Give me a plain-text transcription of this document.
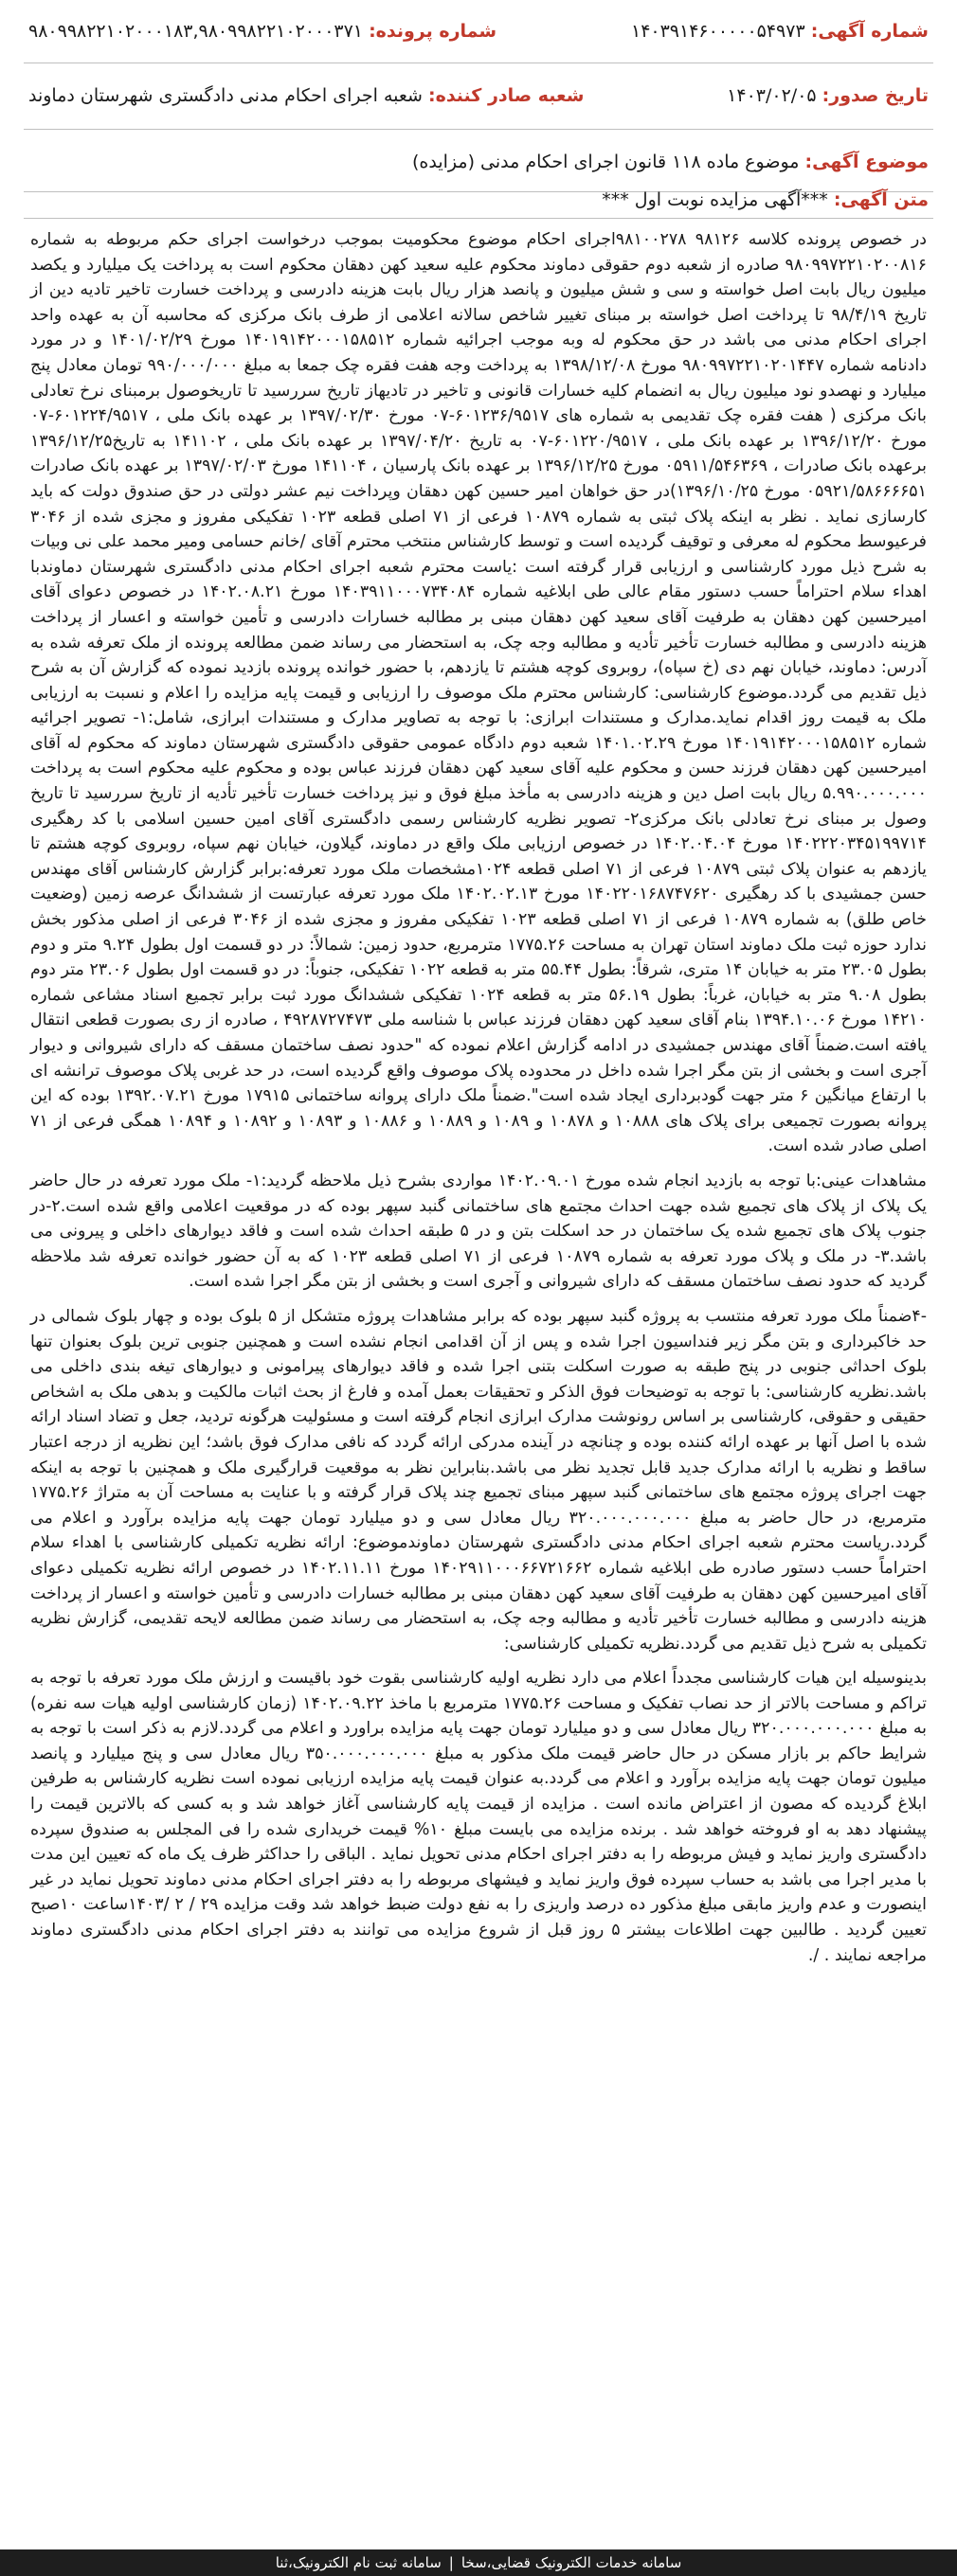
شماره آگهی: ۱۴۰۳۹۱۴۶۰۰۰۰۰۵۴۹۷۳
شماره پرونده: ۹۸۰۹۹۸۲۲۱۰۲۰۰۰۱۸۳,۹۸۰۹۹۸۲۲۱۰۲۰۰۰۳۷۱
تاریخ صدور: ۱۴۰۳/۰۲/۰۵
شعبه صادر کننده: شعبه اجرای احکام مدنی دادگستری شهرستان دماوند
موضوع آگهی: موضوع ماده ۱۱۸ قانون اجرای احکام مدنی (مزایده)
متن آگهی: ***آگهی مزایده نوبت اول ***
در خصوص پرونده کلاسه ۹۸۱۲۶ ۹۸۱۰۰۲۷۸اجرای احکام موضوع محکومیت بموجب درخواست اجرای حکم مربوطه به شماره ۹۸۰۹۹۷۲۲۱۰۲۰۰۸۱۶ صادره از شعبه دوم حقوقی دماوند محکوم علیه سعید کهن دهقان محکوم است به پرداخت یک میلیارد و یکصد میلیون ریال بابت اصل خواسته و سی و شش میلیون و پانصد هزار ریال بابت هزینه دادرسی و پرداخت خسارت تاخیر تادیه دین از تاریخ ۹۸/۴/۱۹ تا پرداخت اصل خواسته بر مبنای تغییر شاخص سالانه اعلامی از طرف بانک مرکزی که محاسبه آن به عهده واحد اجرای احکام مدنی می باشد در حق محکوم له وبه موجب اجرائیه شماره ۱۴۰۱۹۱۴۲۰۰۰۱۵۸۵۱۲ مورخ ۱۴۰۱/۰۲/۲۹ و در مورد دادنامه شماره ۹۸۰۹۹۷۲۲۱۰۲۰۱۴۴۷ مورخ ۱۳۹۸/۱۲/۰۸ به پرداخت وجه هفت فقره چک جمعا به مبلغ ۹۹۰/۰۰۰/۰۰۰ تومان معادل پنج میلیارد و نهصدو نود میلیون ریال به انضمام کلیه خسارات قانونی و تاخیر در تادیهاز تاریخ سررسید تا تاریخوصول برمبنای نرخ تعادلی بانک مرکزی ( هفت فقره چک تقدیمی به شماره های ۶۰۱۲۳۶/۹۵۱۷-۰۷ مورخ ۱۳۹۷/۰۲/۳۰ بر عهده بانک ملی ، ۶۰۱۲۲۴/۹۵۱۷-۰۷ مورخ ۱۳۹۶/۱۲/۲۰ بر عهده بانک ملی ، ۶۰۱۲۲۰/۹۵۱۷-۰۷ به تاریخ ۱۳۹۷/۰۴/۲۰ بر عهده بانک ملی ، ۱۴۱۱۰۲ به تاریخ۱۳۹۶/۱۲/۲۵ برعهده بانک صادرات ، ۰۵۹۱۱/۵۴۶۳۶۹ مورخ ۱۳۹۶/۱۲/۲۵ بر عهده بانک پارسیان ، ۱۴۱۱۰۴ مورخ ۱۳۹۷/۰۲/۰۳ بر عهده بانک صادرات ۰۵۹۲۱/۵۸۶۶۶۶۵۱ مورخ ۱۳۹۶/۱۰/۲۵)در حق خواهان امیر حسین کهن دهقان وپرداخت نیم عشر دولتی در حق صندوق دولت که باید کارسازی نماید . نظر به اینکه پلاک ثبتی به شماره ۱۰۸۷۹ فرعی از ۷۱ اصلی قطعه ۱۰۲۳ تفکیکی مفروز و مجزی شده از ۳۰۴۶ فرعیوسط محکوم له معرفی و توقیف گردیده است و توسط کارشناس منتخب محترم آقای /خانم حسامی ومیر محمد علی نی وبیات به شرح ذیل مورد کارشناسی و ارزیابی قرار گرفته است :یاست محترم شعبه اجرای احکام مدنی دادگستری شهرستان دماوندبا اهداء سلام احتراماً حسب دستور مقام عالی طی ابلاغیه شماره ۱۴۰۳۹۱۱۰۰۰۷۳۴۰۸۴ مورخ ۱۴۰۲.۰۸.۲۱ در خصوص دعوای آقای امیرحسین کهن دهقان به طرفیت آقای سعید کهن دهقان مبنی بر مطالبه خسارات دادرسی و تأمین خواسته و اعسار از پرداخت هزینه دادرسی و مطالبه خسارت تأخیر تأدیه و مطالبه وجه چک، به استحضار می رساند ضمن مطالعه پرونده از ملک تعرفه شده به آدرس: دماوند، خیابان نهم دی (خ سپاه)، روبروی کوچه هشتم تا یازدهم، با حضور خوانده پرونده بازدید نموده که گزارش آن به شرح ذیل تقدیم می گردد.موضوع کارشناسی: کارشناس محترم ملک موصوف را ارزیابی و قیمت پایه مزایده را اعلام و نسبت به ارزیابی ملک به قیمت روز اقدام نماید.مدارک و مستندات ابرازی: با توجه به تصاویر مدارک و مستندات ابرازی، شامل:۱- تصویر اجرائیه شماره ۱۴۰۱۹۱۴۲۰۰۰۱۵۸۵۱۲ مورخ ۱۴۰۱.۰۲.۲۹ شعبه دوم دادگاه عمومی حقوقی دادگستری شهرستان دماوند که محکوم له آقای امیرحسین کهن دهقان فرزند حسن و محکوم علیه آقای سعید کهن دهقان فرزند عباس بوده و محکوم علیه محکوم است به پرداخت ۵.۹۹۰.۰۰۰.۰۰۰ ریال بابت اصل دین و هزینه دادرسی به مأخذ مبلغ فوق و نیز پرداخت خسارت تأخیر تأدیه از تاریخ سررسید تا تاریخ وصول بر مبنای نرخ تعادلی بانک مرکزی۲- تصویر نظریه کارشناس رسمی دادگستری آقای امین حسین اسلامی با کد رهگیری ۱۴۰۲۲۲۰۳۴۵۱۹۹۷۱۴ مورخ ۱۴۰۲.۰۴.۰۴ در خصوص ارزیابی ملک واقع در دماوند، گیلاون، خیابان نهم سپاه، روبروی کوچه هشتم تا یازدهم به عنوان پلاک ثبتی ۱۰۸۷۹ فرعی از ۷۱ اصلی قطعه ۱۰۲۴مشخصات ملک مورد تعرفه:برابر گزارش کارشناس آقای مهندس حسن جمشیدی با کد رهگیری ۱۴۰۲۲۰۱۶۸۷۴۷۶۲۰ مورخ ۱۴۰۲.۰۲.۱۳ ملک مورد تعرفه عبارتست از ششدانگ عرصه زمین (وضعیت خاص طلق) به شماره ۱۰۸۷۹ فرعی از ۷۱ اصلی قطعه ۱۰۲۳ تفکیکی مفروز و مجزی شده از ۳۰۴۶ فرعی از اصلی مذکور بخش ندارد حوزه ثبت ملک دماوند استان تهران به مساحت ۱۷۷۵.۲۶ مترمربع، حدود زمین: شمالاً: در دو قسمت اول بطول ۹.۲۴ متر و دوم بطول ۲۳.۰۵ متر به خیابان ۱۴ متری، شرقاً: بطول ۵۵.۴۴ متر به قطعه ۱۰۲۲ تفکیکی، جنوباً: در دو قسمت اول بطول ۲۳.۰۶ متر دوم بطول ۹.۰۸ متر به خیابان، غرباً: بطول ۵۶.۱۹ متر به قطعه ۱۰۲۴ تفکیکی ششدانگ مورد ثبت برابر تجمیع اسناد مشاعی شماره ۱۴۲۱۰ مورخ ۱۳۹۴.۱۰.۰۶ بنام آقای سعید کهن دهقان فرزند عباس با شناسه ملی ۴۹۲۸۷۲۷۴۷۳ ، صادره از ری بصورت قطعی انتقال یافته است.ضمناً آقای مهندس جمشیدی در ادامه گزارش اعلام نموده که "حدود نصف ساختمان مسقف که دارای شیروانی و دیوار آجری است و بخشی از بتن مگر اجرا شده داخل در محدوده پلاک موصوف واقع گردیده است، در حد غربی پلاک موصوف ترانشه ای با ارتفاع میانگین ۶ متر جهت گودبرداری ایجاد شده است".ضمناً ملک دارای پروانه ساختمانی ۱۷۹۱۵ مورخ ۱۳۹۲.۰۷.۲۱ بوده که این پروانه بصورت تجمیعی برای پلاک های ۱۰۸۸۸ و ۱۰۸۷۸ و ۱۰۸۹ و ۱۰۸۸۹ و ۱۰۸۸۶ و ۱۰۸۹۳ و ۱۰۸۹۲ و ۱۰۸۹۴ همگی فرعی از ۷۱ اصلی صادر شده است.
مشاهدات عینی:با توجه به بازدید انجام شده مورخ ۱۴۰۲.۰۹.۰۱ مواردی بشرح ذیل ملاحظه گردید:۱- ملک مورد تعرفه در حال حاضر یک پلاک از پلاک های تجمیع شده جهت احداث مجتمع های ساختمانی گنبد سپهر بوده که در موقعیت اعلامی واقع شده است.۲-در جنوب پلاک های تجمیع شده یک ساختمان در حد اسکلت بتن و در ۵ طبقه احداث شده است و فاقد دیوارهای داخلی و پیرونی می باشد.۳- در ملک و پلاک مورد تعرفه به شماره ۱۰۸۷۹ فرعی از ۷۱ اصلی قطعه ۱۰۲۳ که به آن حضور خوانده تعرفه شد ملاحظه گردید که حدود نصف ساختمان مسقف که دارای شیروانی و آجری است و بخشی از بتن مگر اجرا شده است.
-۴ضمناً ملک مورد تعرفه منتسب به پروژه گنبد سپهر بوده که برابر مشاهدات پروژه متشکل از ۵ بلوک بوده و چهار بلوک شمالی در حد خاکبرداری و بتن مگر زیر فنداسیون اجرا شده و پس از آن اقدامی انجام نشده است و همچنین جنوبی ترین بلوک بعنوان تنها بلوک احداثی جنوبی در پنج طبقه به صورت اسکلت بتنی اجرا شده و فاقد دیوارهای پیرامونی و دیوارهای تیغه بندی داخلی می باشد.نظریه کارشناسی: با توجه به توضیحات فوق الذکر و تحقیقات بعمل آمده و فارغ از بحث اثبات مالکیت و بدهی ملک به اشخاص حقیقی و حقوقی، کارشناسی بر اساس رونوشت مدارک ابرازی انجام گرفته است و مسئولیت هرگونه تردید، جعل و تضاد اسناد ارائه شده با اصل آنها بر عهده ارائه کننده بوده و چنانچه در آینده مدرکی ارائه گردد که نافی مدارک فوق باشد؛ این نظریه از درجه اعتبار ساقط و نظریه با ارائه مدارک جدید قابل تجدید نظر می باشد.بنابراین نظر به موقعیت قرارگیری ملک و همچنین با توجه به اینکه جهت اجرای پروژه مجتمع های ساختمانی گنبد سپهر مبنای تجمیع چند پلاک قرار گرفته و با عنایت به مساحت آن به متراژ ۱۷۷۵.۲۶ مترمربع، در حال حاضر به مبلغ ۳۲۰.۰۰۰.۰۰۰.۰۰۰ ریال معادل سی و دو میلیارد تومان جهت پایه مزایده برآورد و اعلام می گردد.ریاست محترم شعبه اجرای احکام مدنی دادگستری شهرستان دماوندموضوع: ارائه نظریه تکمیلی کارشناسی با اهداء سلام احتراماً حسب دستور صادره طی ابلاغیه شماره ۱۴۰۲۹۱۱۰۰۰۶۶۷۲۱۶۶۲ مورخ ۱۴۰۲.۱۱.۱۱ در خصوص ارائه نظریه تکمیلی دعوای آقای امیرحسین کهن دهقان به طرفیت آقای سعید کهن دهقان مبنی بر مطالبه خسارات دادرسی و تأمین خواسته و اعسار از پرداخت هزینه دادرسی و مطالبه خسارت تأخیر تأدیه و مطالبه وجه چک، به استحضار می رساند ضمن مطالعه لایحه تقدیمی، گزارش نظریه تکمیلی به شرح ذیل تقدیم می گردد.نظریه تکمیلی کارشناسی:
بدینوسیله این هیات کارشناسی مجدداً اعلام می دارد نظریه اولیه کارشناسی بقوت خود باقیست و ارزش ملک مورد تعرفه با توجه به تراکم و مساحت بالاتر از حد نصاب تفکیک و مساحت ۱۷۷۵.۲۶ مترمربع با ماخذ ۱۴۰۲.۰۹.۲۲ (زمان کارشناسی اولیه هیات سه نفره) به مبلغ ۳۲۰.۰۰۰.۰۰۰.۰۰۰ ریال معادل سی و دو میلیارد تومان جهت پایه مزایده براورد و اعلام می گردد.لازم به ذکر است با توجه به شرایط حاکم بر بازار مسکن در حال حاضر قیمت ملک مذکور به مبلغ ۳۵۰.۰۰۰.۰۰۰.۰۰۰ ریال معادل سی و پنج میلیارد و پانصد میلیون تومان جهت پایه مزایده برآورد و اعلام می گردد.به عنوان قیمت پایه مزایده ارزیابی نموده است نظریه کارشناس به طرفین ابلاغ گردیده که مصون از اعتراض مانده است . مزایده از قیمت پایه کارشناسی آغاز خواهد شد و به کسی که بالاترین قیمت را پیشنهاد دهد به او فروخته خواهد شد . برنده مزایده می بایست مبلغ ۱۰% قیمت خریداری شده را فی المجلس به صندوق سپرده دادگستری واریز نماید و فیش مربوطه را به دفتر اجرای احکام مدنی تحویل نماید . الباقی را حداکثر ظرف یک ماه که تعیین این مدت با مدیر اجرا می باشد به حساب سپرده فوق واریز نماید و فیشهای مربوطه را به دفتر اجرای احکام مدنی دماوند تحویل نماید در غیر اینصورت و عدم واریز مابقی مبلغ مذکور ده درصد واریزی را به نفع دولت ضبط خواهد شد وقت مزایده ۲۹ / ۲ /۱۴۰۳ساعت ۱۰صبح تعیین گردید . طالبین جهت اطلاعات بیشتر ۵ روز قبل از شروع مزایده می توانند به دفتر اجرای احکام مدنی دادگستری دماوند مراجعه نمایند . /.
سامانه خدمات الکترونیک قضایی،سخا
|
سامانه ثبت نام الکترونیک،ثنا
